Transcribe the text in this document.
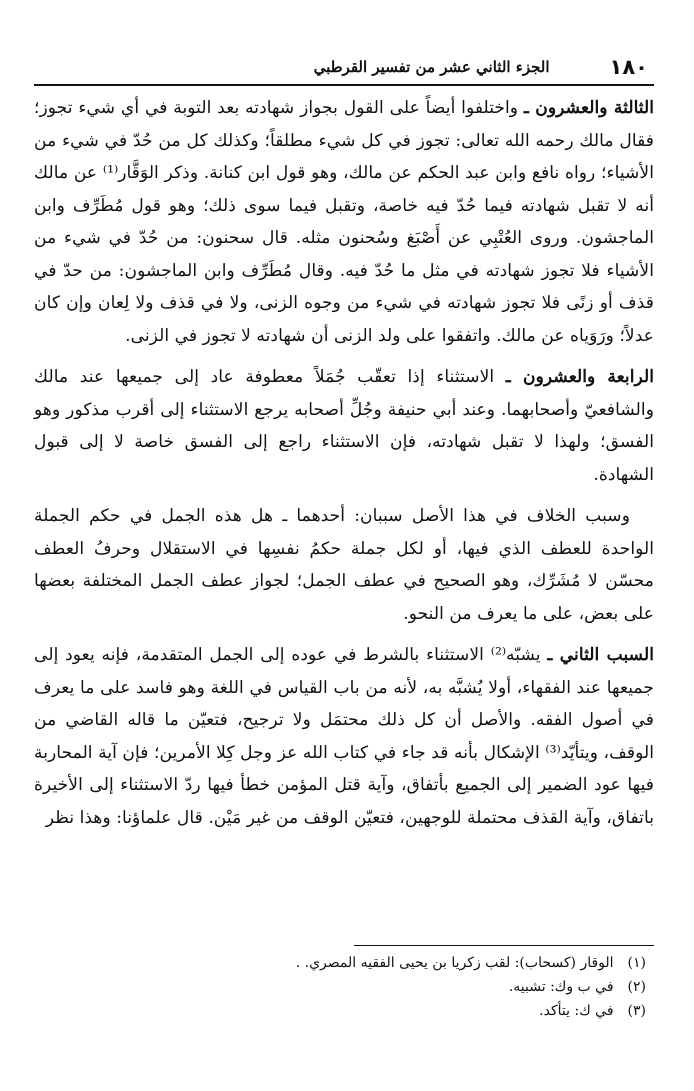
١٨٠
الجزء الثاني عشر من تفسير القرطبي

الثالثة والعشرون ـ واختلفوا أيضاً على القول بجواز شهادته بعد التوبة في أي شيء تجوز؛ فقال مالك رحمه الله تعالى: تجوز في كل شيء مطلقاً؛ وكذلك كل من حُدّ في شيء من الأشياء؛ رواه نافع وابن عبد الحكم عن مالك، وهو قول ابن كنانة. وذكر الوَقَّار⁽¹⁾ عن مالك أنه لا تقبل شهادته فيما حُدّ فيه خاصة، وتقبل فيما سوى ذلك؛ وهو قول مُطَرِّف وابن الماجشون. وروى العُتْبِي عن أَصْبَغ وسُحنون مثله. قال سحنون: من حُدّ في شيء من الأشياء فلا تجوز شهادته في مثل ما حُدّ فيه. وقال مُطَرِّف وابن الماجشون: من حدّ في قذف أو زنًى فلا تجوز شهادته في شيء من وجوه الزنى، ولا في قذف ولا لِعان وإن كان عدلاً؛ ورَوَياه عن مالك. واتفقوا على ولد الزنى أن شهادته لا تجوز في الزنى.

الرابعة والعشرون ـ الاستثناء إذا تعقّب جُمَلاً معطوفة عاد إلى جميعها عند مالك والشافعيّ وأصحابهما. وعند أبي حنيفة وجُلِّ أصحابه يرجع الاستثناء إلى أقرب مذكور وهو الفسق؛ ولهذا لا تقبل شهادته، فإن الاستثناء راجع إلى الفسق خاصة لا إلى قبول الشهادة.

وسبب الخلاف في هذا الأصل سببان: أحدهما ـ هل هذه الجمل في حكم الجملة الواحدة للعطف الذي فيها، أو لكل جملة حكمُ نفسِها في الاستقلال وحرفُ العطف محسّن لا مُشَرِّك، وهو الصحيح في عطف الجمل؛ لجواز عطف الجمل المختلفة بعضها على بعض، على ما يعرف من النحو.

السبب الثاني ـ يشبّه⁽²⁾ الاستثناء بالشرط في عوده إلى الجمل المتقدمة، فإنه يعود إلى جميعها عند الفقهاء، أولا يُشبَّه به، لأنه من باب القياس في اللغة وهو فاسد على ما يعرف في أصول الفقه. والأصل أن كل ذلك محتمَل ولا ترجيح، فتعيّن ما قاله القاضي من الوقف، ويتأيّد⁽³⁾ الإشكال بأنه قد جاء في كتاب الله عز وجل كِلا الأمرين؛ فإن آية المحاربة فيها عود الضمير إلى الجميع بأتفاق، وآية قتل المؤمن خطأ فيها ردّ الاستثناء إلى الأخيرة باتفاق، وآية القذف محتملة للوجهين، فتعيّن الوقف من غير مَيْن. قال علماؤنا: وهذا نظر

(١) الوقار (كسحاب): لقب زكريا بن يحيى الفقيه المصري. .
(٢) في ب وك: تشبيه.
(٣) في ك: يتأكد.
